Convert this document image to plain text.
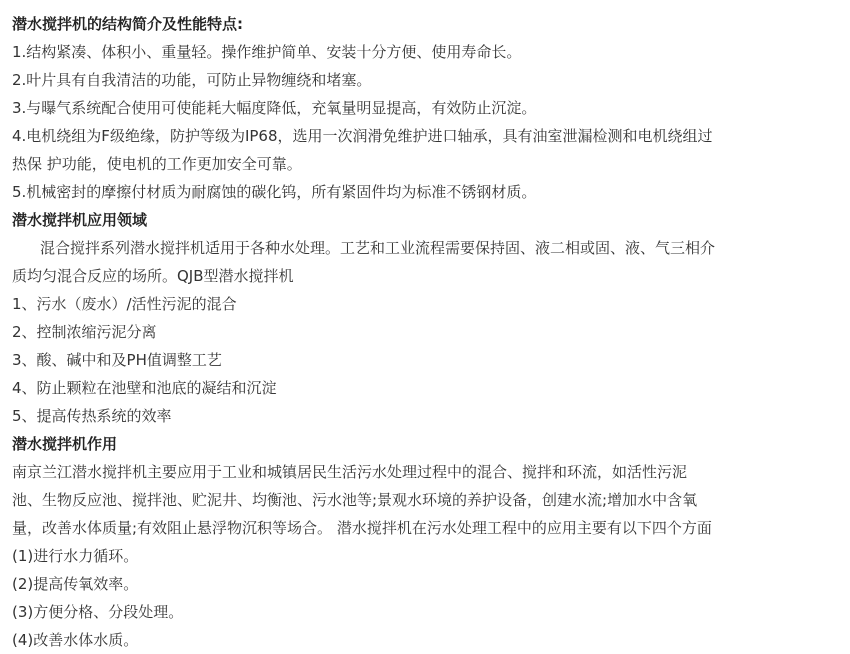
潜水搅拌机的结构简介及性能特点:
1.结构紧凑、体积小、重量轻。操作维护简单、安装十分方便、使用寿命长。
2.叶片具有自我清洁的功能，可防止异物缠绕和堵塞。
3.与曝气系统配合使用可使能耗大幅度降低，充氧量明显提高，有效防止沉淀。
4.电机绕组为F级绝缘，防护等级为IP68，选用一次润滑免维护进口轴承，具有油室泄漏检测和电机绕组过
热保 护功能，使电机的工作更加安全可靠。
5.机械密封的摩擦付材质为耐腐蚀的碳化钨，所有紧固件均为标准不锈钢材质。
潜水搅拌机应用领域
混合搅拌系列潜水搅拌机适用于各种水处理。工艺和工业流程需要保持固、液二相或固、液、气三相介
质均匀混合反应的场所。QJB型潜水搅拌机
1、污水（废水）/活性污泥的混合
2、控制浓缩污泥分离
3、酸、碱中和及PH值调整工艺
4、防止颗粒在池壁和池底的凝结和沉淀
5、提高传热系统的效率
潜水搅拌机作用
南京兰江潜水搅拌机主要应用于工业和城镇居民生活污水处理过程中的混合、搅拌和环流，如活性污泥
池、生物反应池、搅拌池、贮泥井、均衡池、污水池等;景观水环境的养护设备，创建水流;增加水中含氧
量，改善水体质量;有效阻止悬浮物沉积等场合。 潜水搅拌机在污水处理工程中的应用主要有以下四个方面
(1)进行水力循环。
(2)提高传氧效率。
(3)方便分格、分段处理。
(4)改善水体水质。
